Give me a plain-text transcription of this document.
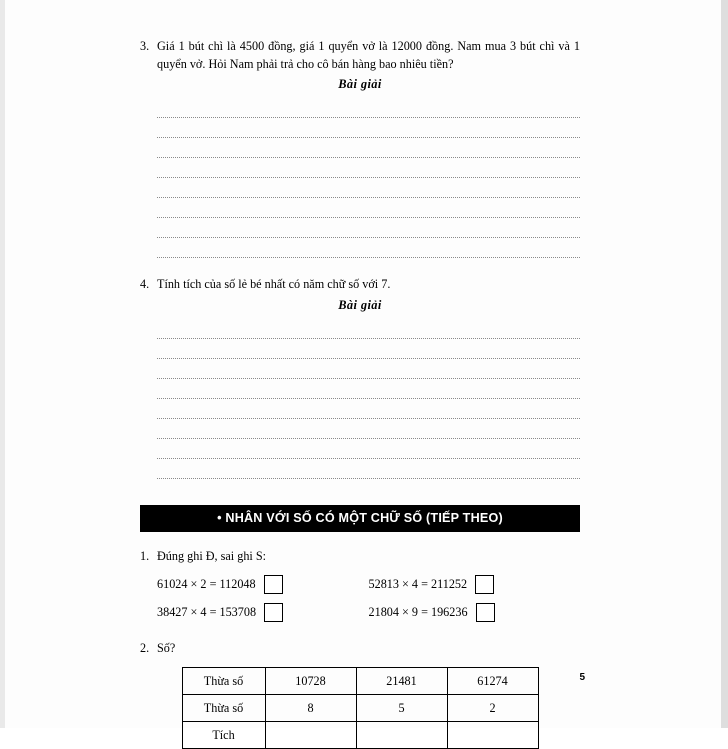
3. Giá 1 bút chì là 4500 đồng, giá 1 quyển vở là 12000 đồng. Nam mua 3 bút chì và 1 quyển vở. Hỏi Nam phải trả cho cô bán hàng bao nhiêu tiền?
Bài giải
4. Tính tích của số lẻ bé nhất có năm chữ số với 7.
Bài giải
• NHÂN VỚI SỐ CÓ MỘT CHỮ SỐ (TIẾP THEO)
1. Đúng ghi Đ, sai ghi S:
61024 × 2 = 112048	52813 × 4 = 211252
38427 × 4 = 153708	21804 × 9 = 196236
2. Số?
Thừa số	10728	21481	61274
Thừa số	8	5	2
Tích			
5
